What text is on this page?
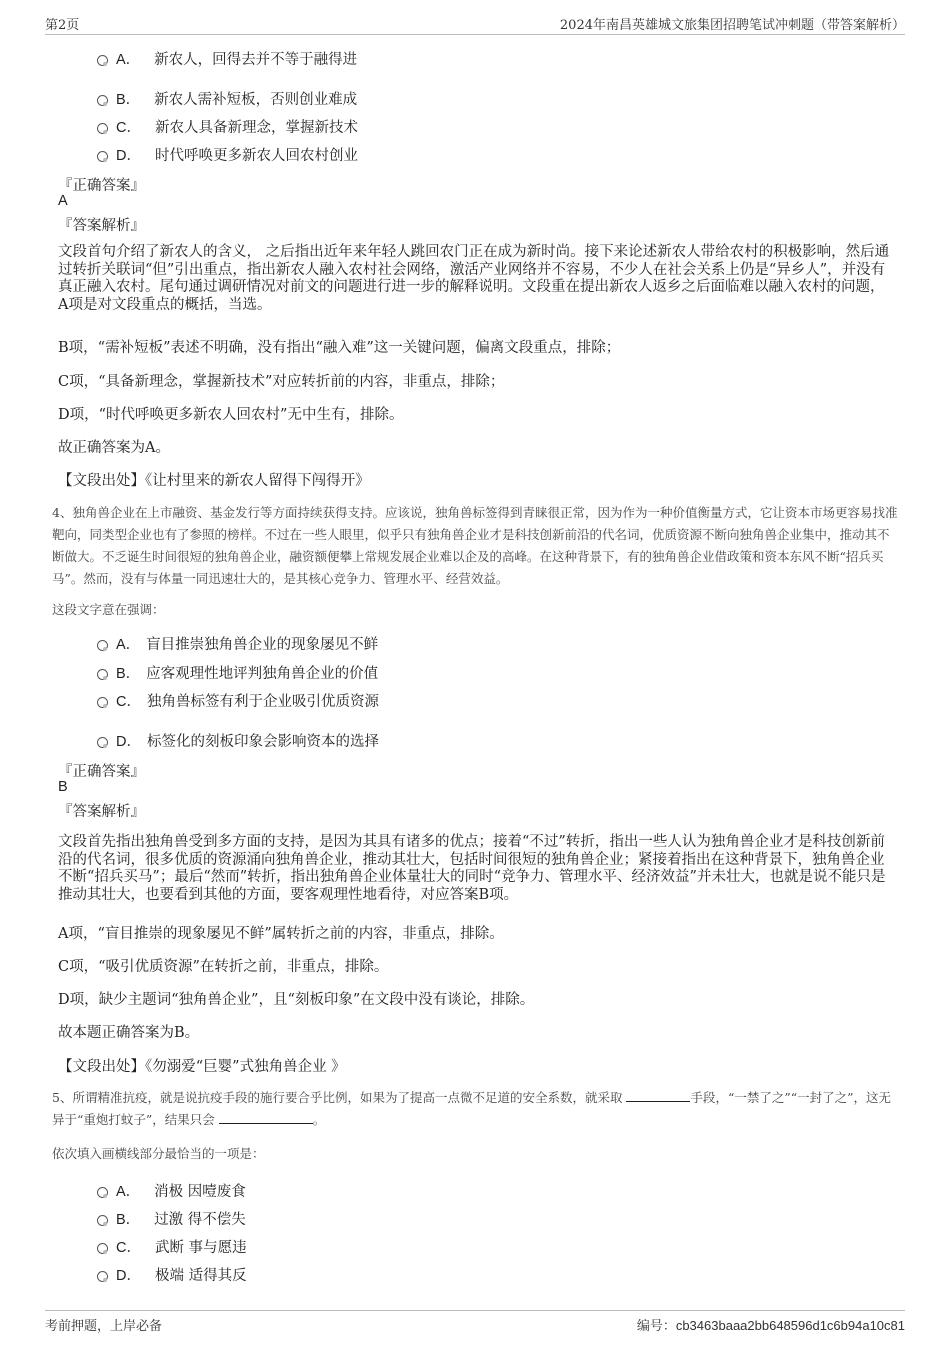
第2页	2024年南昌英雄城文旅集团招聘笔试冲刺题（带答案解析）
A． 新农人，回得去并不等于融得进
B． 新农人需补短板，否则创业难成
C． 新农人具备新理念，掌握新技术
D． 时代呼唤更多新农人回农村创业
『正确答案』
A
『答案解析』
文段首句介绍了新农人的含义， 之后指出近年来年轻人跳回农门正在成为新时尚。接下来论述新农人带给农村的积极影响，然后通过转折关联词“但”引出重点，指出新农人融入农村社会网络，激活产业网络并不容易，不少人在社会关系上仍是“异乡人”，并没有真正融入农村。尾句通过调研情况对前文的问题进行进一步的解释说明。文段重在提出新农人返乡之后面临难以融入农村的问题，A项是对文段重点的概括，当选。
B项，“需补短板”表述不明确，没有指出“融入难”这一关键问题，偏离文段重点，排除；
C项，“具备新理念，掌握新技术”对应转折前的内容，非重点，排除；
D项，“时代呼唤更多新农人回农村”无中生有，排除。
故正确答案为A。
【文段出处】《让村里来的新农人留得下闯得开》
4、独角兽企业在上市融资、基金发行等方面持续获得支持。应该说，独角兽标签得到青睐很正常，因为作为一种价值衡量方式，它让资本市场更容易找准靶向，同类型企业也有了参照的榜样。不过在一些人眼里，似乎只有独角兽企业才是科技创新前沿的代名词，优质资源不断向独角兽企业集中，推动其不断做大。不乏诞生时间很短的独角兽企业，融资额便攀上常规发展企业难以企及的高峰。在这种背景下，有的独角兽企业借政策和资本东风不断“招兵买马”。然而，没有与体量一同迅速壮大的，是其核心竞争力、管理水平、经营效益。
这段文字意在强调：
A． 盲目推崇独角兽企业的现象屡见不鲜
B． 应客观理性地评判独角兽企业的价值
C． 独角兽标签有利于企业吸引优质资源
D． 标签化的刻板印象会影响资本的选择
『正确答案』
B
『答案解析』
文段首先指出独角兽受到多方面的支持，是因为其具有诸多的优点；接着“不过”转折，指出一些人认为独角兽企业才是科技创新前沿的代名词，很多优质的资源涌向独角兽企业，推动其壮大，包括时间很短的独角兽企业；紧接着指出在这种背景下，独角兽企业不断“招兵买马”；最后“然而”转折，指出独角兽企业体量壮大的同时“竞争力、管理水平、经济效益”并未壮大，也就是说不能只是推动其壮大，也要看到其他的方面，要客观理性地看待，对应答案B项。
A项，“盲目推崇的现象屡见不鲜”属转折之前的内容，非重点，排除。
C项，“吸引优质资源”在转折之前，非重点，排除。
D项，缺少主题词“独角兽企业”，且“刻板印象”在文段中没有谈论，排除。
故本题正确答案为B。
【文段出处】《勿溺爱“巨婴”式独角兽企业 》
5、所谓精准抗疫，就是说抗疫手段的施行要合乎比例，如果为了提高一点微不足道的安全系数，就采取	手段，“一禁了之”“一封了之”，这无异于“重炮打蚊子”，结果只会	。
依次填入画横线部分最恰当的一项是：
A． 消极 因噎废食
B． 过激 得不偿失
C． 武断 事与愿违
D． 极端 适得其反
考前押题，上岸必备	编号：cb3463baaa2bb648596d1c6b94a10c81
